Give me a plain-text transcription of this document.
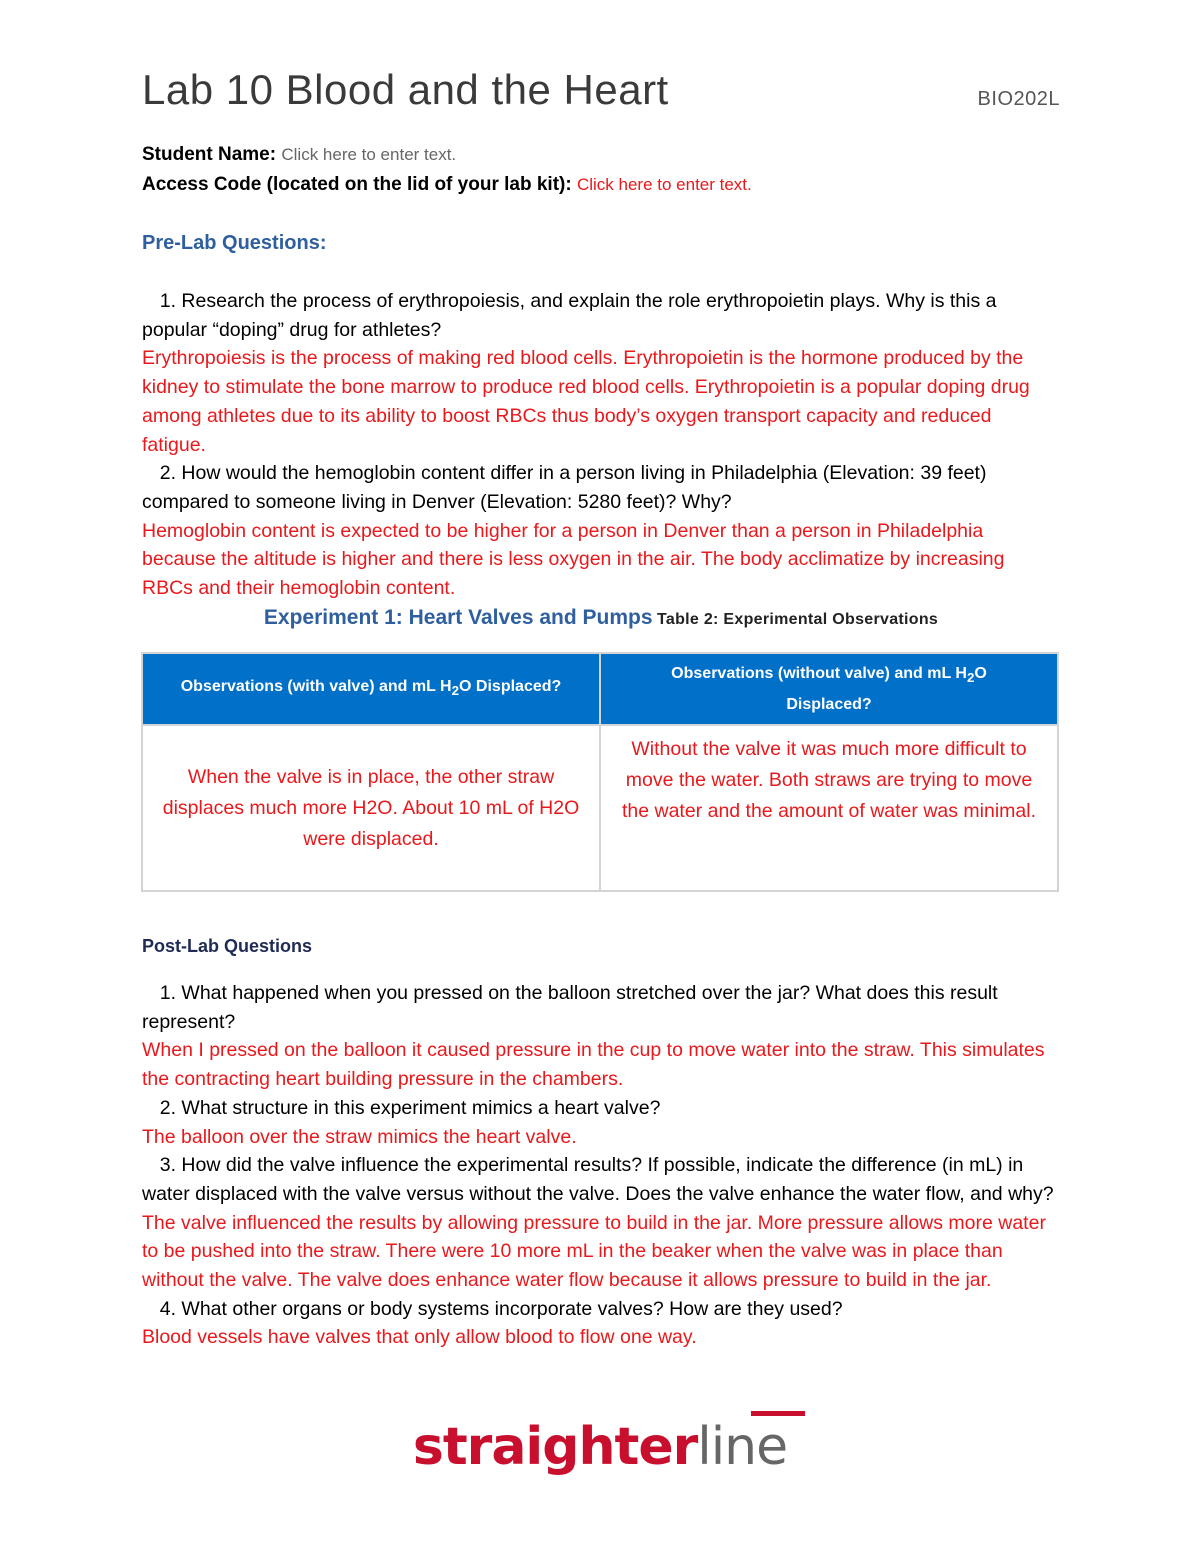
Lab 10 Blood and the Heart	BIO202L
Student Name: Click here to enter text.
Access Code (located on the lid of your lab kit): Click here to enter text.
Pre-Lab Questions:

1. Research the process of erythropoiesis, and explain the role erythropoietin plays. Why is this a popular “doping” drug for athletes?

Erythropoiesis is the process of making red blood cells. Erythropoietin is the hormone produced by the kidney to stimulate the bone marrow to produce red blood cells. Erythropoietin is a popular doping drug among athletes due to its ability to boost RBCs thus body’s oxygen transport capacity and reduced fatigue.

2. How would the hemoglobin content differ in a person living in Philadelphia (Elevation: 39 feet) compared to someone living in Denver (Elevation: 5280 feet)? Why?

Hemoglobin content is expected to be higher for a person in Denver than a person in Philadelphia because the altitude is higher and there is less oxygen in the air. The body acclimatize by increasing RBCs and their hemoglobin content.

Experiment 1: Heart Valves and Pumps Table 2: Experimental Observations
Observations (with valve) and mL $H_2O$ Displaced?	Observations (without valve) and mL $H_2O$ Displaced?
When the valve is in place, the other straw displaces much more H2O. About 10 mL of H2O were displaced.	Without the valve it was much more difficult to move the water. Both straws are trying to move the water and the amount of water was minimal.
Post-Lab Questions

1. What happened when you pressed on the balloon stretched over the jar? What does this result represent?

When I pressed on the balloon it caused pressure in the cup to move water into the straw. This simulates the contracting heart building pressure in the chambers.

2. What structure in this experiment mimics a heart valve?

The balloon over the straw mimics the heart valve.

3. How did the valve influence the experimental results? If possible, indicate the difference (in mL) in water displaced with the valve versus without the valve. Does the valve enhance the water flow, and why?

The valve influenced the results by allowing pressure to build in the jar. More pressure allows more water to be pushed into the straw. There were 10 more mL in the beaker when the valve was in place than without the valve. The valve does enhance water flow because it allows pressure to build in the jar.

4. What other organs or body systems incorporate valves? How are they used?

Blood vessels have valves that only allow blood to flow one way.

straighterline
